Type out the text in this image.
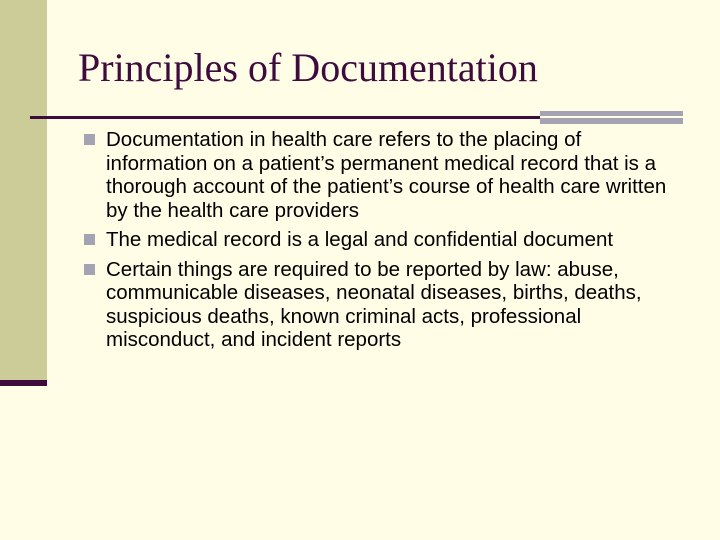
Principles of Documentation
Documentation in health care refers to the placing of information on a patient’s permanent medical record that is a thorough account of the patient’s course of health care written by the health care providers
The medical record is a legal and confidential document
Certain things are required to be reported by law: abuse, communicable diseases, neonatal diseases, births, deaths, suspicious deaths, known criminal acts, professional misconduct, and incident reports
